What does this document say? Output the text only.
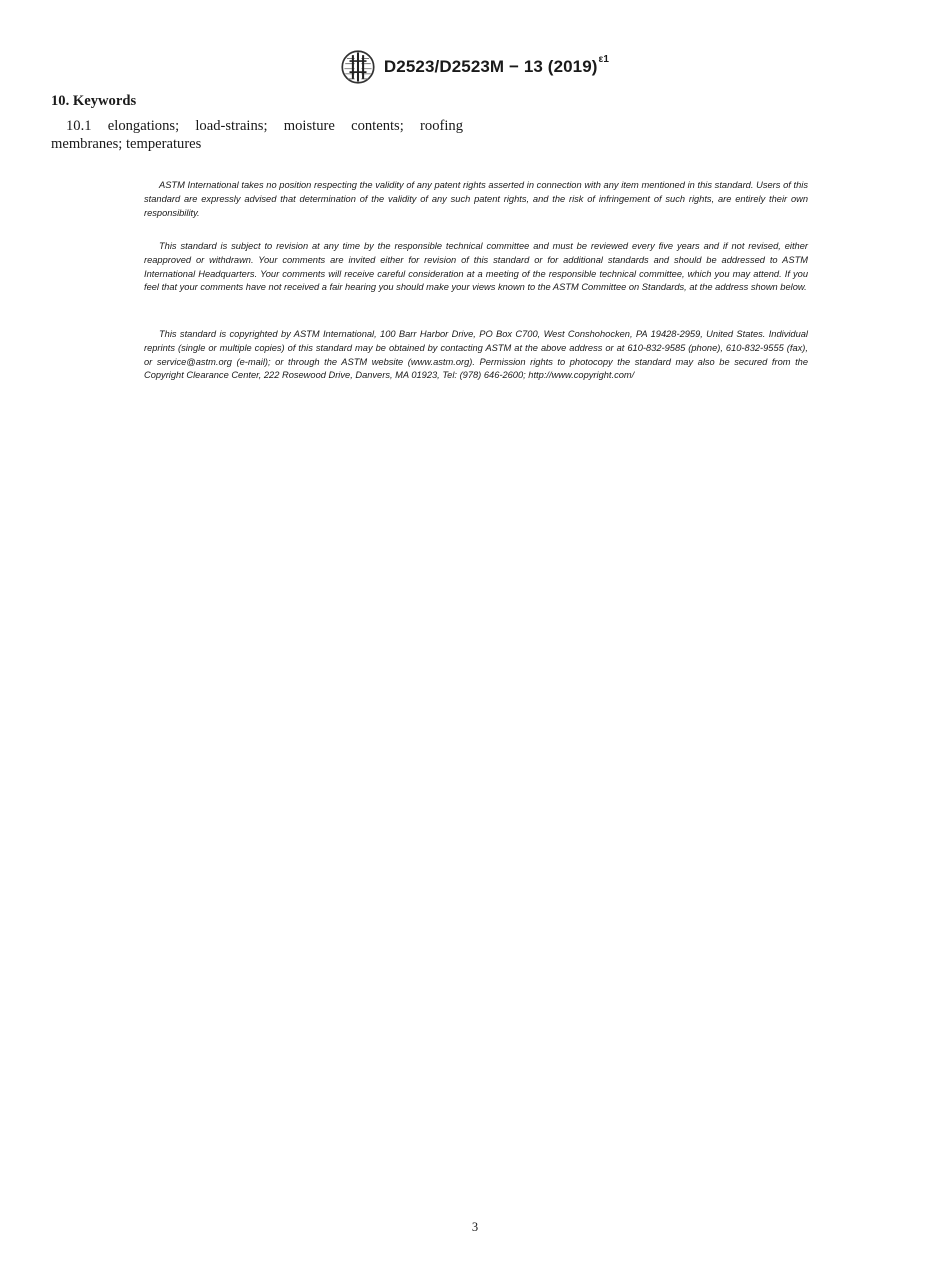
D2523/D2523M − 13 $(2019)^{\varepsilon 1}$
10. Keywords

10.1 elongations; load-strains; moisture contents; roofing membranes; temperatures

ASTM International takes no position respecting the validity of any patent rights asserted in connection with any item mentioned in this standard. Users of this standard are expressly advised that determination of the validity of any such patent rights, and the risk of infringement of such rights, are entirely their own responsibility.

This standard is subject to revision at any time by the responsible technical committee and must be reviewed every five years and if not revised, either reapproved or withdrawn. Your comments are invited either for revision of this standard or for additional standards and should be addressed to ASTM International Headquarters. Your comments will receive careful consideration at a meeting of the responsible technical committee, which you may attend. If you feel that your comments have not received a fair hearing you should make your views known to the ASTM Committee on Standards, at the address shown below.

This standard is copyrighted by ASTM International, 100 Barr Harbor Drive, PO Box C700, West Conshohocken, PA 19428-2959, United States. Individual reprints (single or multiple copies) of this standard may be obtained by contacting ASTM at the above address or at 610-832-9585 (phone), 610-832-9555 (fax), or service@astm.org (e-mail); or through the ASTM website (www.astm.org). Permission rights to photocopy the standard may also be secured from the Copyright Clearance Center, 222 Rosewood Drive, Danvers, MA 01923, Tel: (978) 646-2600; http://www.copyright.com/

3
